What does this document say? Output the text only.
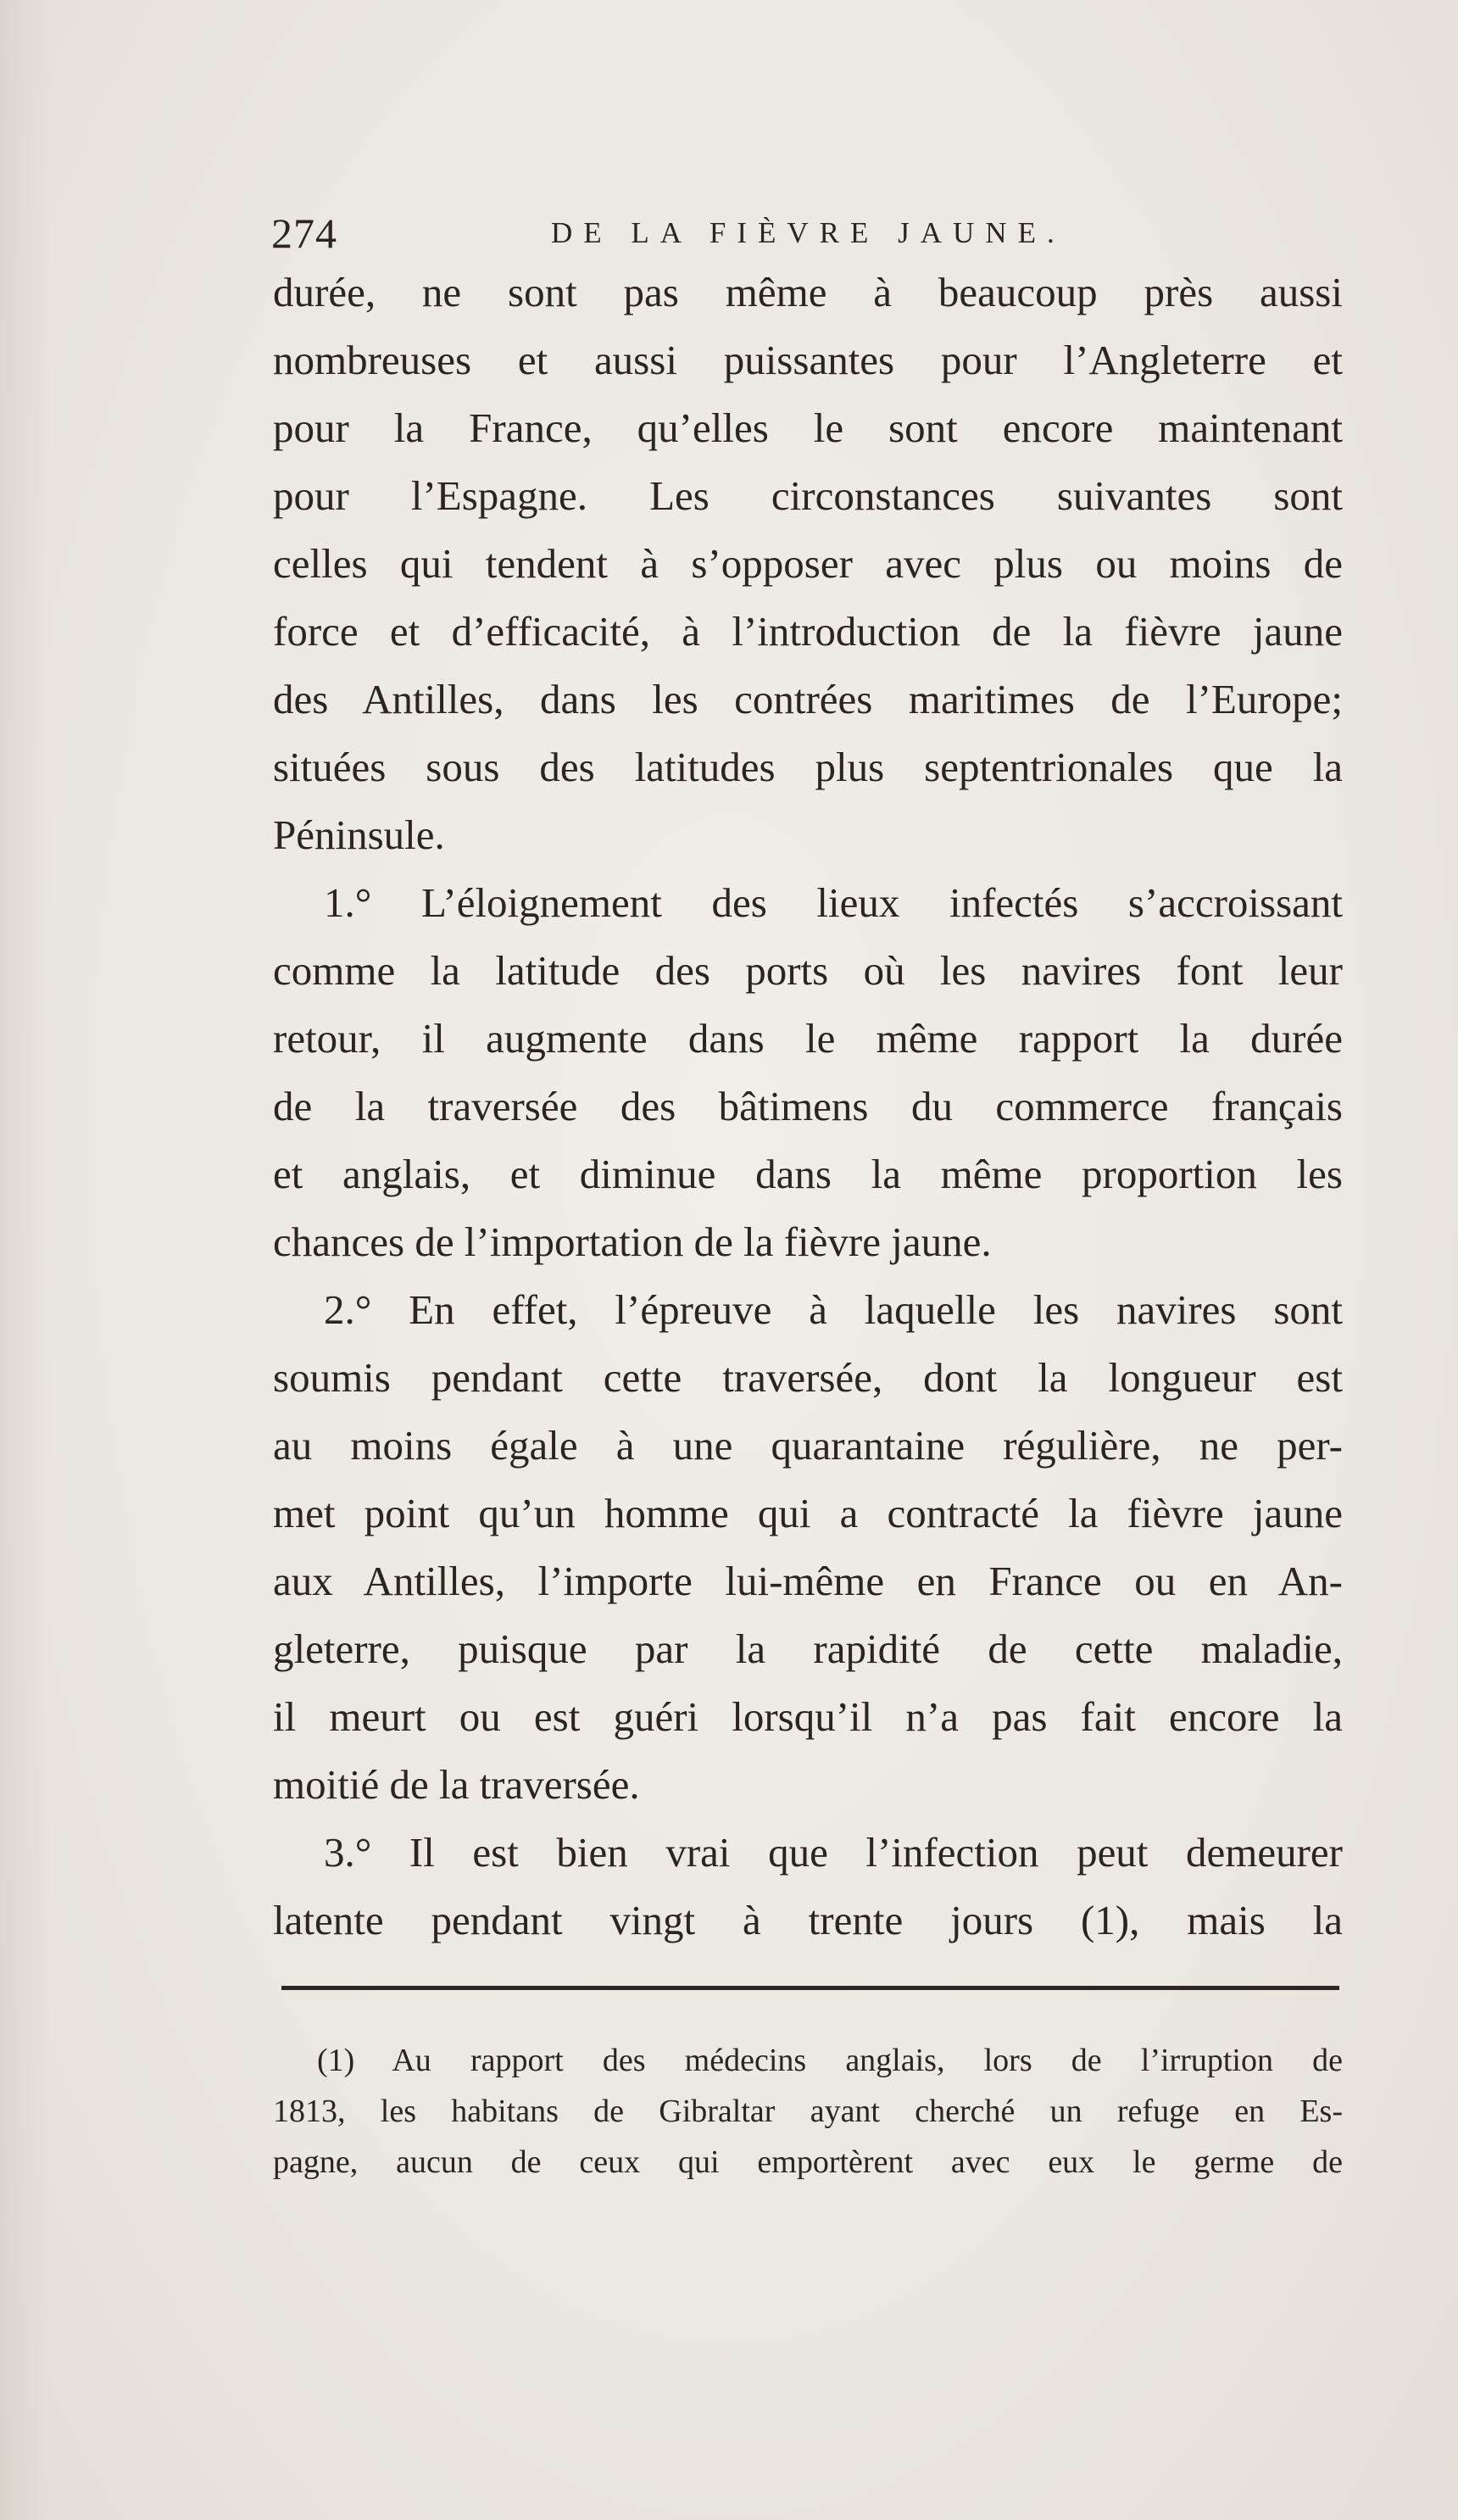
274	DE LA FIÈVRE JAUNE.
durée, ne sont pas même à beaucoup près aussi
nombreuses et aussi puissantes pour l’Angleterre et
pour la France, qu’elles le sont encore maintenant
pour l’Espagne. Les circonstances suivantes sont
celles qui tendent à s’opposer avec plus ou moins de
force et d’efficacité, à l’introduction de la fièvre jaune
des Antilles, dans les contrées maritimes de l’Europe;
situées sous des latitudes plus septentrionales que la
Péninsule.
1.° L’éloignement des lieux infectés s’accroissant
comme la latitude des ports où les navires font leur
retour, il augmente dans le même rapport la durée
de la traversée des bâtimens du commerce français
et anglais, et diminue dans la même proportion les
chances de l’importation de la fièvre jaune.
2.° En effet, l’épreuve à laquelle les navires sont
soumis pendant cette traversée, dont la longueur est
au moins égale à une quarantaine régulière, ne per-
met point qu’un homme qui a contracté la fièvre jaune
aux Antilles, l’importe lui-même en France ou en An-
gleterre, puisque par la rapidité de cette maladie,
il meurt ou est guéri lorsqu’il n’a pas fait encore la
moitié de la traversée.
3.° Il est bien vrai que l’infection peut demeurer
latente pendant vingt à trente jours (1), mais la
(1) Au rapport des médecins anglais, lors de l’irruption de
1813, les habitans de Gibraltar ayant cherché un refuge en Es-
pagne, aucun de ceux qui emportèrent avec eux le germe de
